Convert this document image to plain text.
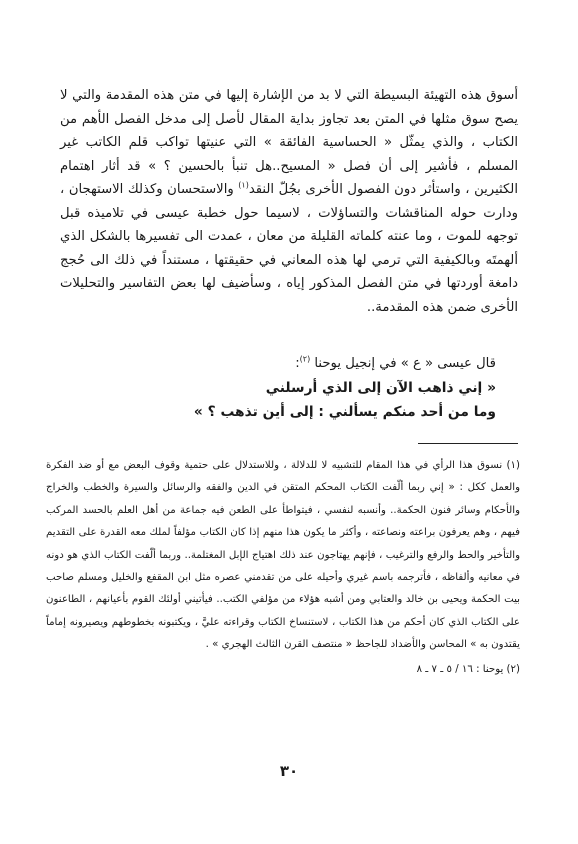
أسوق هذه التهيئة البسيطة التي لا بد من الإشارة إليها في متن هذه المقدمة والتي لا يصح سوق مثلها في المتن بعد تجاوز بداية المقال لأصل إلى مدخل الفصل الأهم من الكتاب ، والذي يمثّل « الحساسية الفائقة » التي عنيتها تواكب قلم الكاتب غير المسلم ، فأشير إلى أن فصل « المسيح..هل تنبأ بالحسين ؟ » قد أثار اهتمام الكثيرين ، واستأثر دون الفصول الأخرى بجُلّ النقد$^{(١)}$ والاستحسان وكذلك الاستهجان ، ودارت حوله المناقشات والتساؤلات ، لاسيما حول خطبة عيسى في تلاميذه قبل توجهه للموت ، وما عنته كلماته القليلة من معان ، عمدت الى تفسيرها بالشكل الذي ألهمتَه وبالكيفية التي ترمي لها هذه المعاني في حقيقتها ، مستنداً في ذلك الى حُجج دامغة أوردتها في متن الفصل المذكور إياه ، وسأضيف لها بعض التفاسير والتحليلات الأخرى ضمن هذه المقدمة..

قال عيسى « ع » في إنجيل يوحنا $^{(٢)}$:

« إني ذاهب الآن إلى الذي أرسلني

وما من أحد منكم يسألني : إلى أين تذهب ؟ »

(١) نسوق هذا الرأي في هذا المقام للتشبيه لا للدلالة ، وللاستدلال على حتمية وقوف البعض مع أو ضد الفكرة والعمل ككل : « إني ربما ألّفت الكتاب المحكم المتقن في الدين والفقه والرسائل والسيرة والخطب والخراج والأحكام وسائر فنون الحكمة.. وأنسبه لنفسي ، فيتواطأ على الطعن فيه جماعة من أهل العلم بالحسد المركب فيهم ، وهم يعرفون براعته ونصاعته ، وأكثر ما يكون هذا منهم إذا كان الكتاب مؤلفاً لملك معه القدرة على التقديم والتأخير والحط والرفع والترغيب ، فإنهم يهتاجون عند ذلك اهتياج الإبل المغتلمة.. وربما ألّفت الكتاب الذي هو دونه في معانيه وألفاظه ، فأترجمه باسم غيري وأحيله على من تقدمني عصره مثل ابن المقفع والخليل ومسلم صاحب بيت الحكمة ويحيى بن خالد والعتابي ومن أشبه هؤلاء من مؤلفي الكتب.. فيأتيني أولئك القوم بأعيانهم ، الطاعنون على الكتاب الذي كان أحكم من هذا الكتاب ، لاستنساخ الكتاب وقراءته عليَّ ، ويكتبونه بخطوطهم ويصيرونه إماماً يقتدون به » المحاسن والأضداد للجاحظ « منتصف القرن الثالث الهجري » .

(٢) يوحنا : ١٦ / ٥ ـ ٧ ـ ٨

٣٠
